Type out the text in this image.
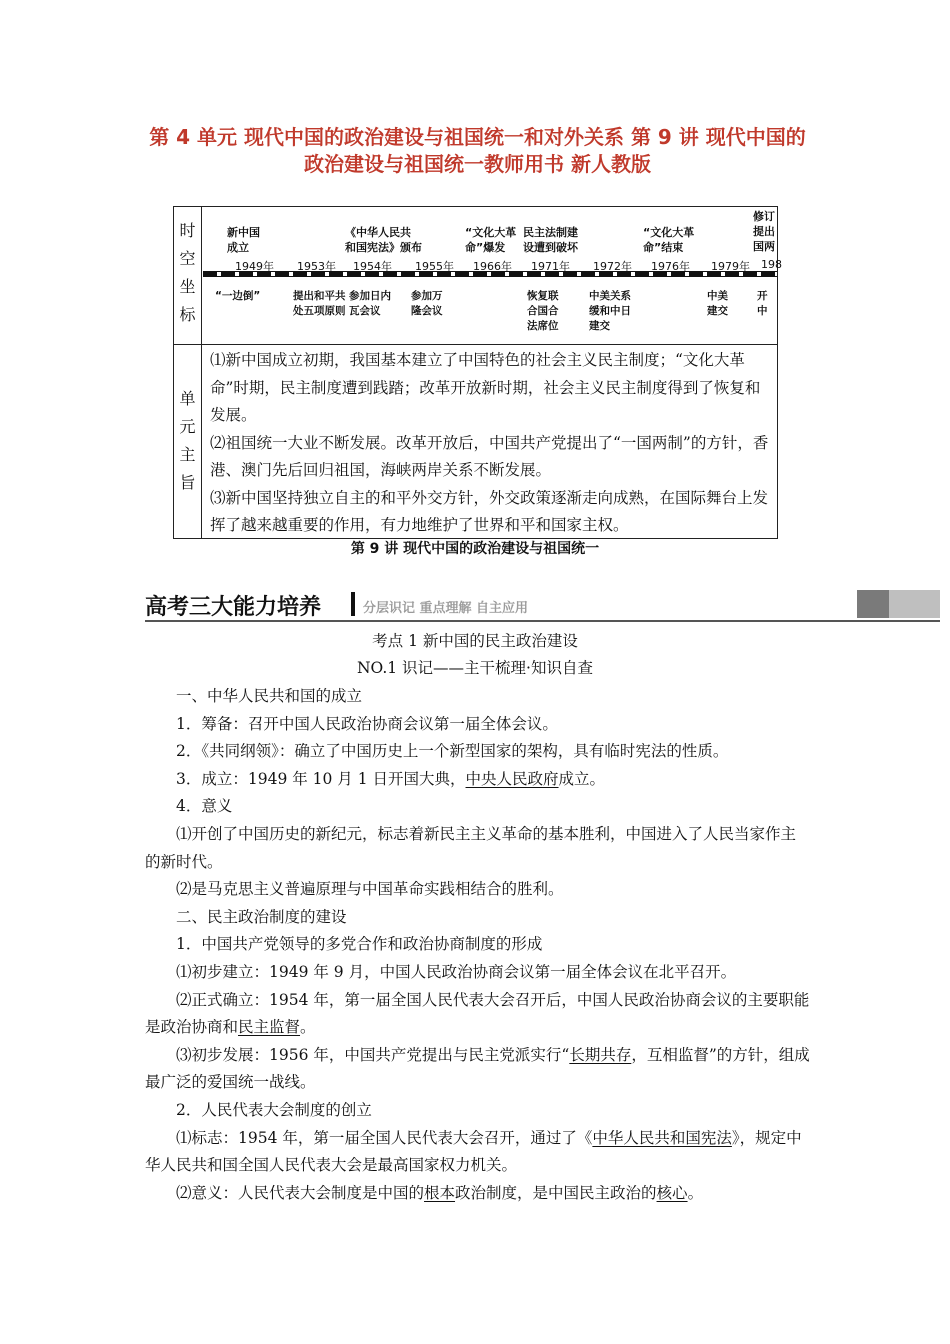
第 4 单元 现代中国的政治建设与祖国统一和对外关系 第 9 讲 现代中国的政治建设与祖国统一教师用书 新人教版
时
空
坐
标
新中国
成立
1949年
“一边倒”
1953年
提出和平共
处五项原则
《中华人民共
和国宪法》颁布
1954年
参加日内
瓦会议
1955年
参加万
隆会议
“文化大革
命”爆发
1966年
民主法制建
设遭到破坏
1971年
恢复联
合国合
法席位
1972年
中美关系
缓和中日
建交
“文化大革
命”结束
1976年 1979年
中美
建交
修订
提出
国两
198
开
中
单
元
主
旨

⑴新中国成立初期，我国基本建立了中国特色的社会主义民主制度；“文化大革命”时期，民主制度遭到践踏；改革开放新时期，社会主义民主制度得到了恢复和发展。

⑵祖国统一大业不断发展。改革开放后，中国共产党提出了“一国两制”的方针，香港、澳门先后回归祖国，海峡两岸关系不断发展。

⑶新中国坚持独立自主的和平外交方针，外交政策逐渐走向成熟，在国际舞台上发挥了越来越重要的作用，有力地维护了世界和平和国家主权。

第 9 讲 现代中国的政治建设与祖国统一
高考三大能力培养	分层识记 重点理解 自主应用
考点 1 新中国的民主政治建设
NO.1 识记——主干梳理·知识自查

一、中华人民共和国的成立

1．筹备：召开中国人民政治协商会议第一届全体会议。

2．《共同纲领》：确立了中国历史上一个新型国家的架构，具有临时宪法的性质。

3．成立：1949 年 10 月 1 日开国大典，中央人民政府成立。

4．意义

⑴开创了中国历史的新纪元，标志着新民主主义革命的基本胜利，中国进入了人民当家作主的新时代。

⑵是马克思主义普遍原理与中国革命实践相结合的胜利。

二、民主政治制度的建设

1．中国共产党领导的多党合作和政治协商制度的形成

⑴初步建立：1949 年 9 月，中国人民政治协商会议第一届全体会议在北平召开。

⑵正式确立：1954 年，第一届全国人民代表大会召开后，中国人民政治协商会议的主要职能是政治协商和民主监督。

⑶初步发展：1956 年，中国共产党提出与民主党派实行“长期共存，互相监督”的方针，组成最广泛的爱国统一战线。

2．人民代表大会制度的创立

⑴标志：1954 年，第一届全国人民代表大会召开，通过了《中华人民共和国宪法》，规定中华人民共和国全国人民代表大会是最高国家权力机关。

⑵意义：人民代表大会制度是中国的根本政治制度，是中国民主政治的核心。
